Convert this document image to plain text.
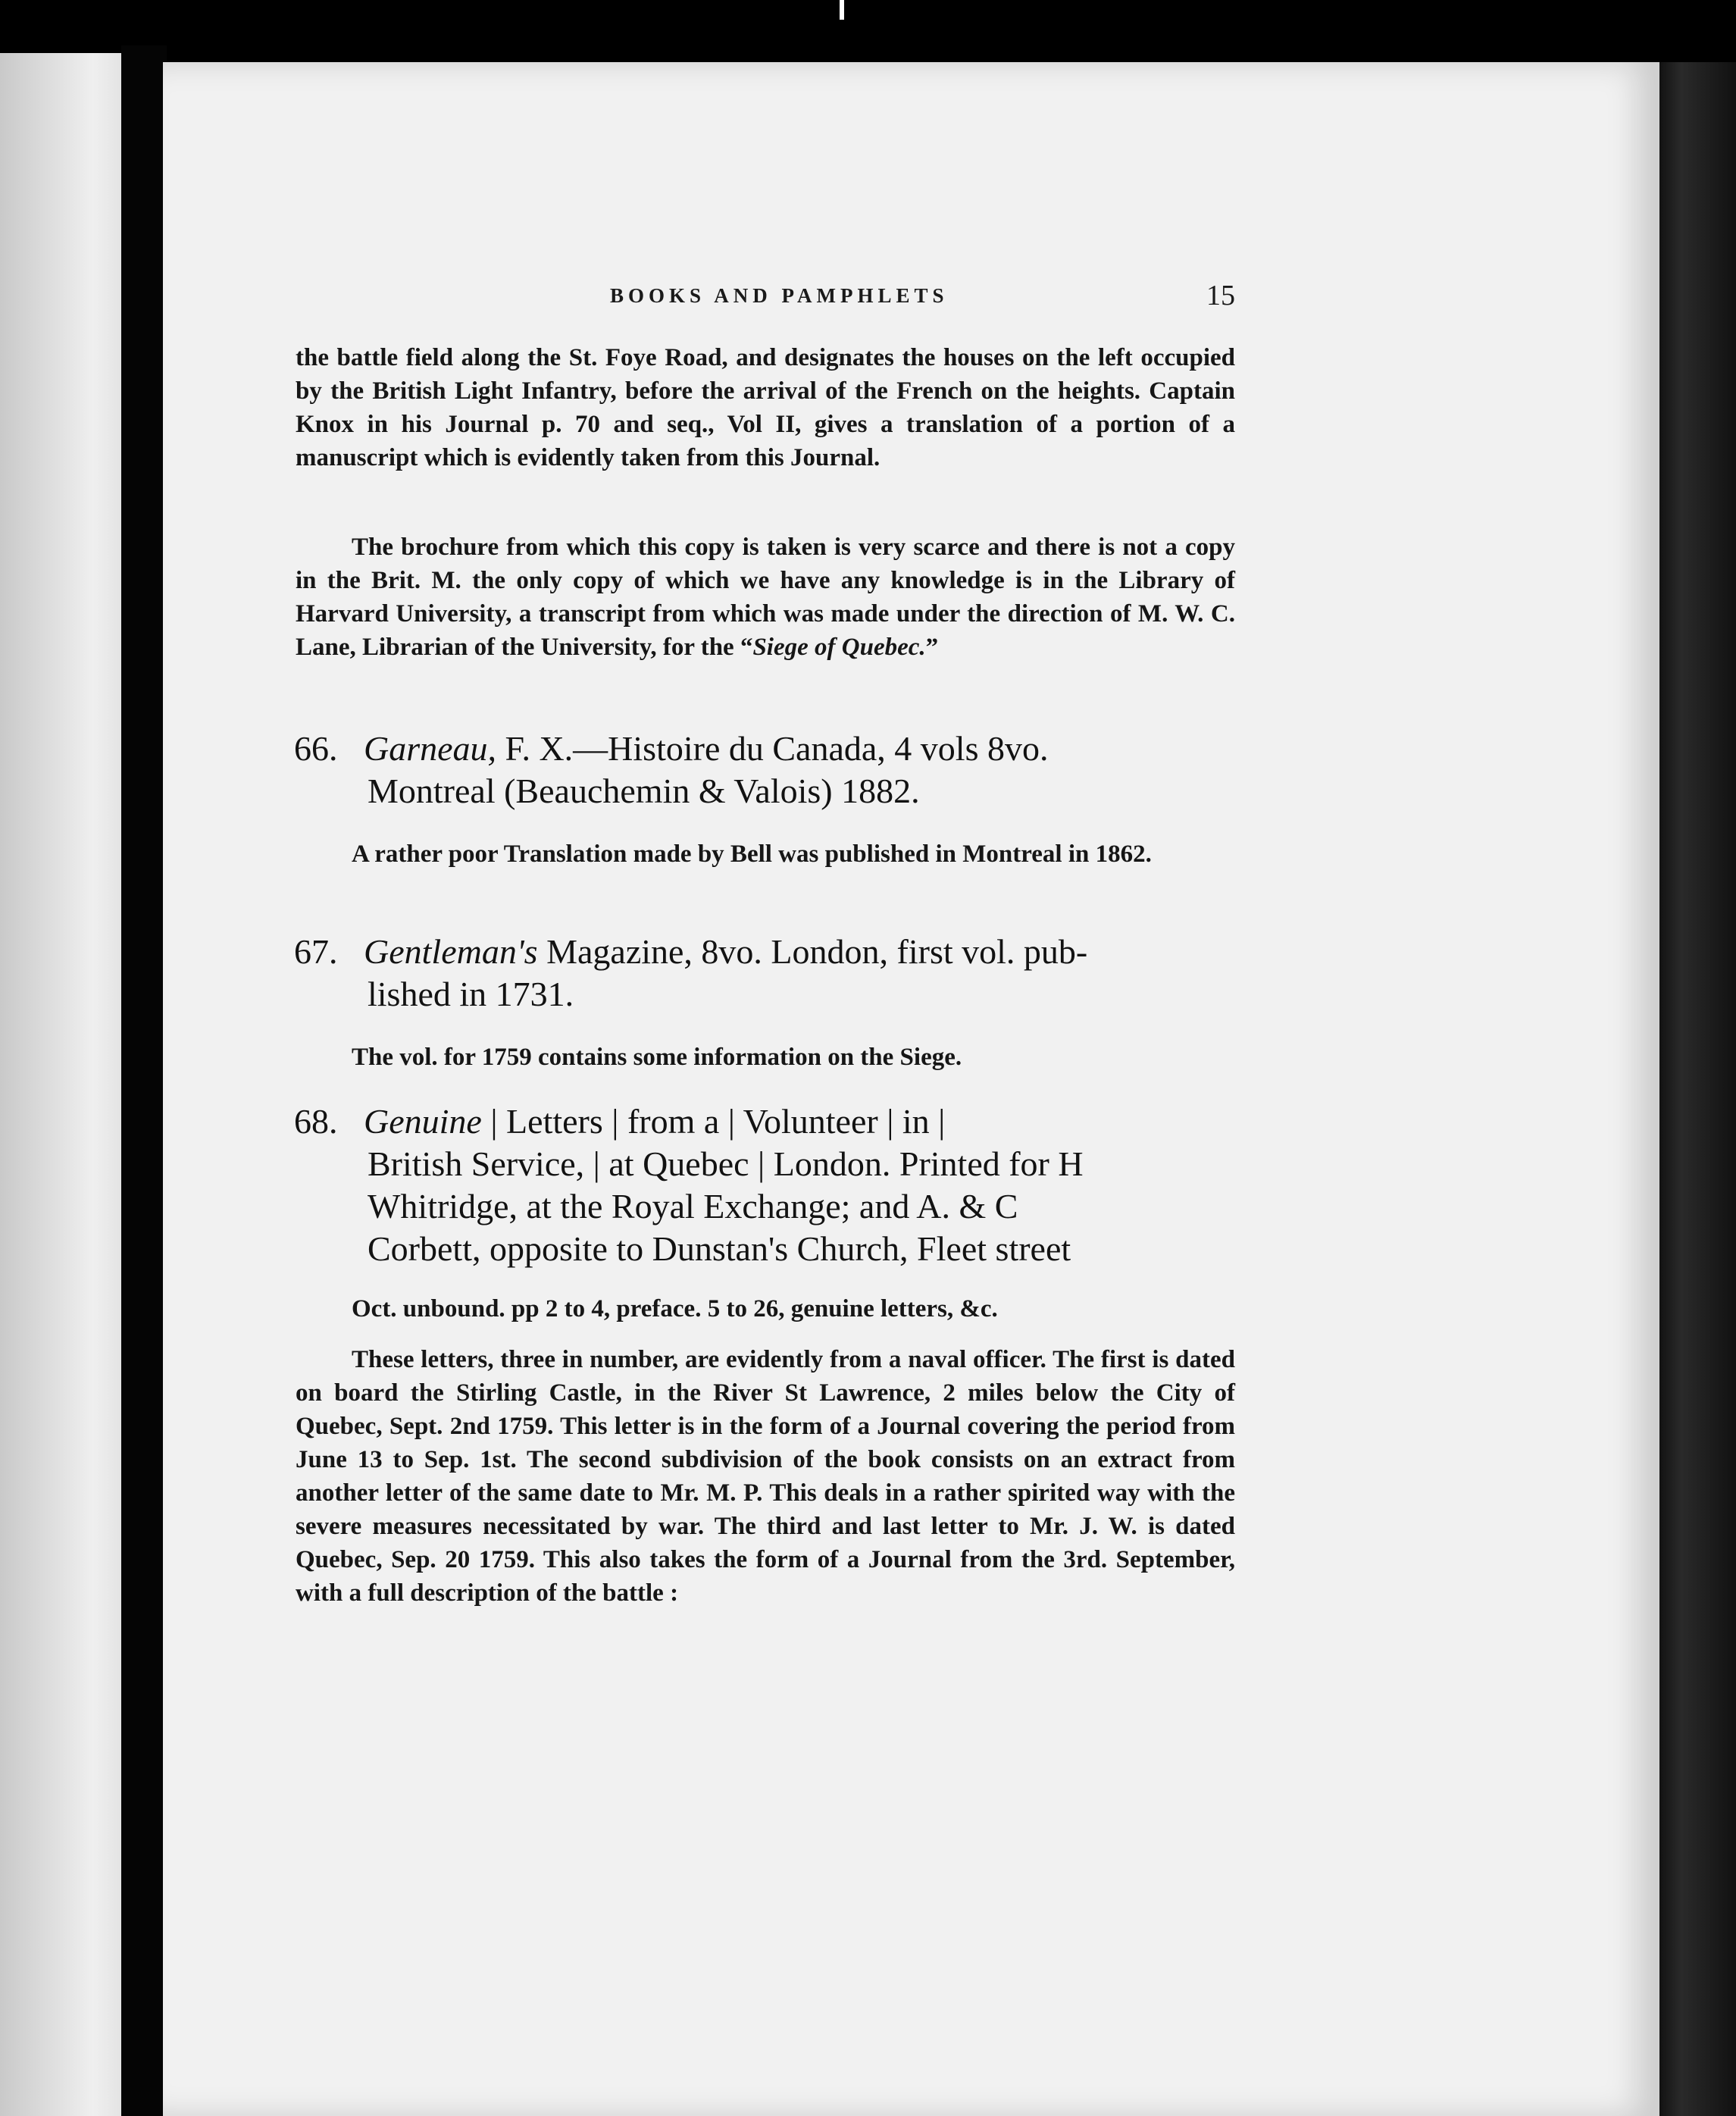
BOOKS AND PAMPHLETS	15
the battle field along the St. Foye Road, and designates the houses on the left occupied by the British Light Infantry, before the arrival of the French on the heights. Captain Knox in his Journal p. 70 and seq., Vol II, gives a translation of a portion of a manuscript which is evidently taken from this Journal.
The brochure from which this copy is taken is very scarce and there is not a copy in the Brit. M. the only copy of which we have any knowledge is in the Library of Harvard University, a transcript from which was made under the direction of M. W. C. Lane, Librarian of the University, for the “Siege of Quebec.”
66. Garneau, F. X.—Histoire du Canada, 4 vols 8vo.
Montreal (Beauchemin & Valois) 1882.
A rather poor Translation made by Bell was published in Montreal in 1862.
67. Gentleman's Magazine, 8vo. London, first vol. pub-
lished in 1731.
The vol. for 1759 contains some information on the Siege.
68. Genuine | Letters | from a | Volunteer | in |
British Service, | at Quebec | London. Printed for H
Whitridge, at the Royal Exchange; and A. & C
Corbett, opposite to Dunstan's Church, Fleet street
Oct. unbound. pp 2 to 4, preface. 5 to 26, genuine letters, &c.
These letters, three in number, are evidently from a naval officer. The first is dated on board the Stirling Castle, in the River St Lawrence, 2 miles below the City of Quebec, Sept. 2nd 1759. This letter is in the form of a Journal covering the period from June 13 to Sep. 1st. The second subdivision of the book consists on an extract from another letter of the same date to Mr. M. P. This deals in a rather spirited way with the severe measures necessitated by war. The third and last letter to Mr. J. W. is dated Quebec, Sep. 20 1759. This also takes the form of a Journal from the 3rd. September, with a full description of the battle :
